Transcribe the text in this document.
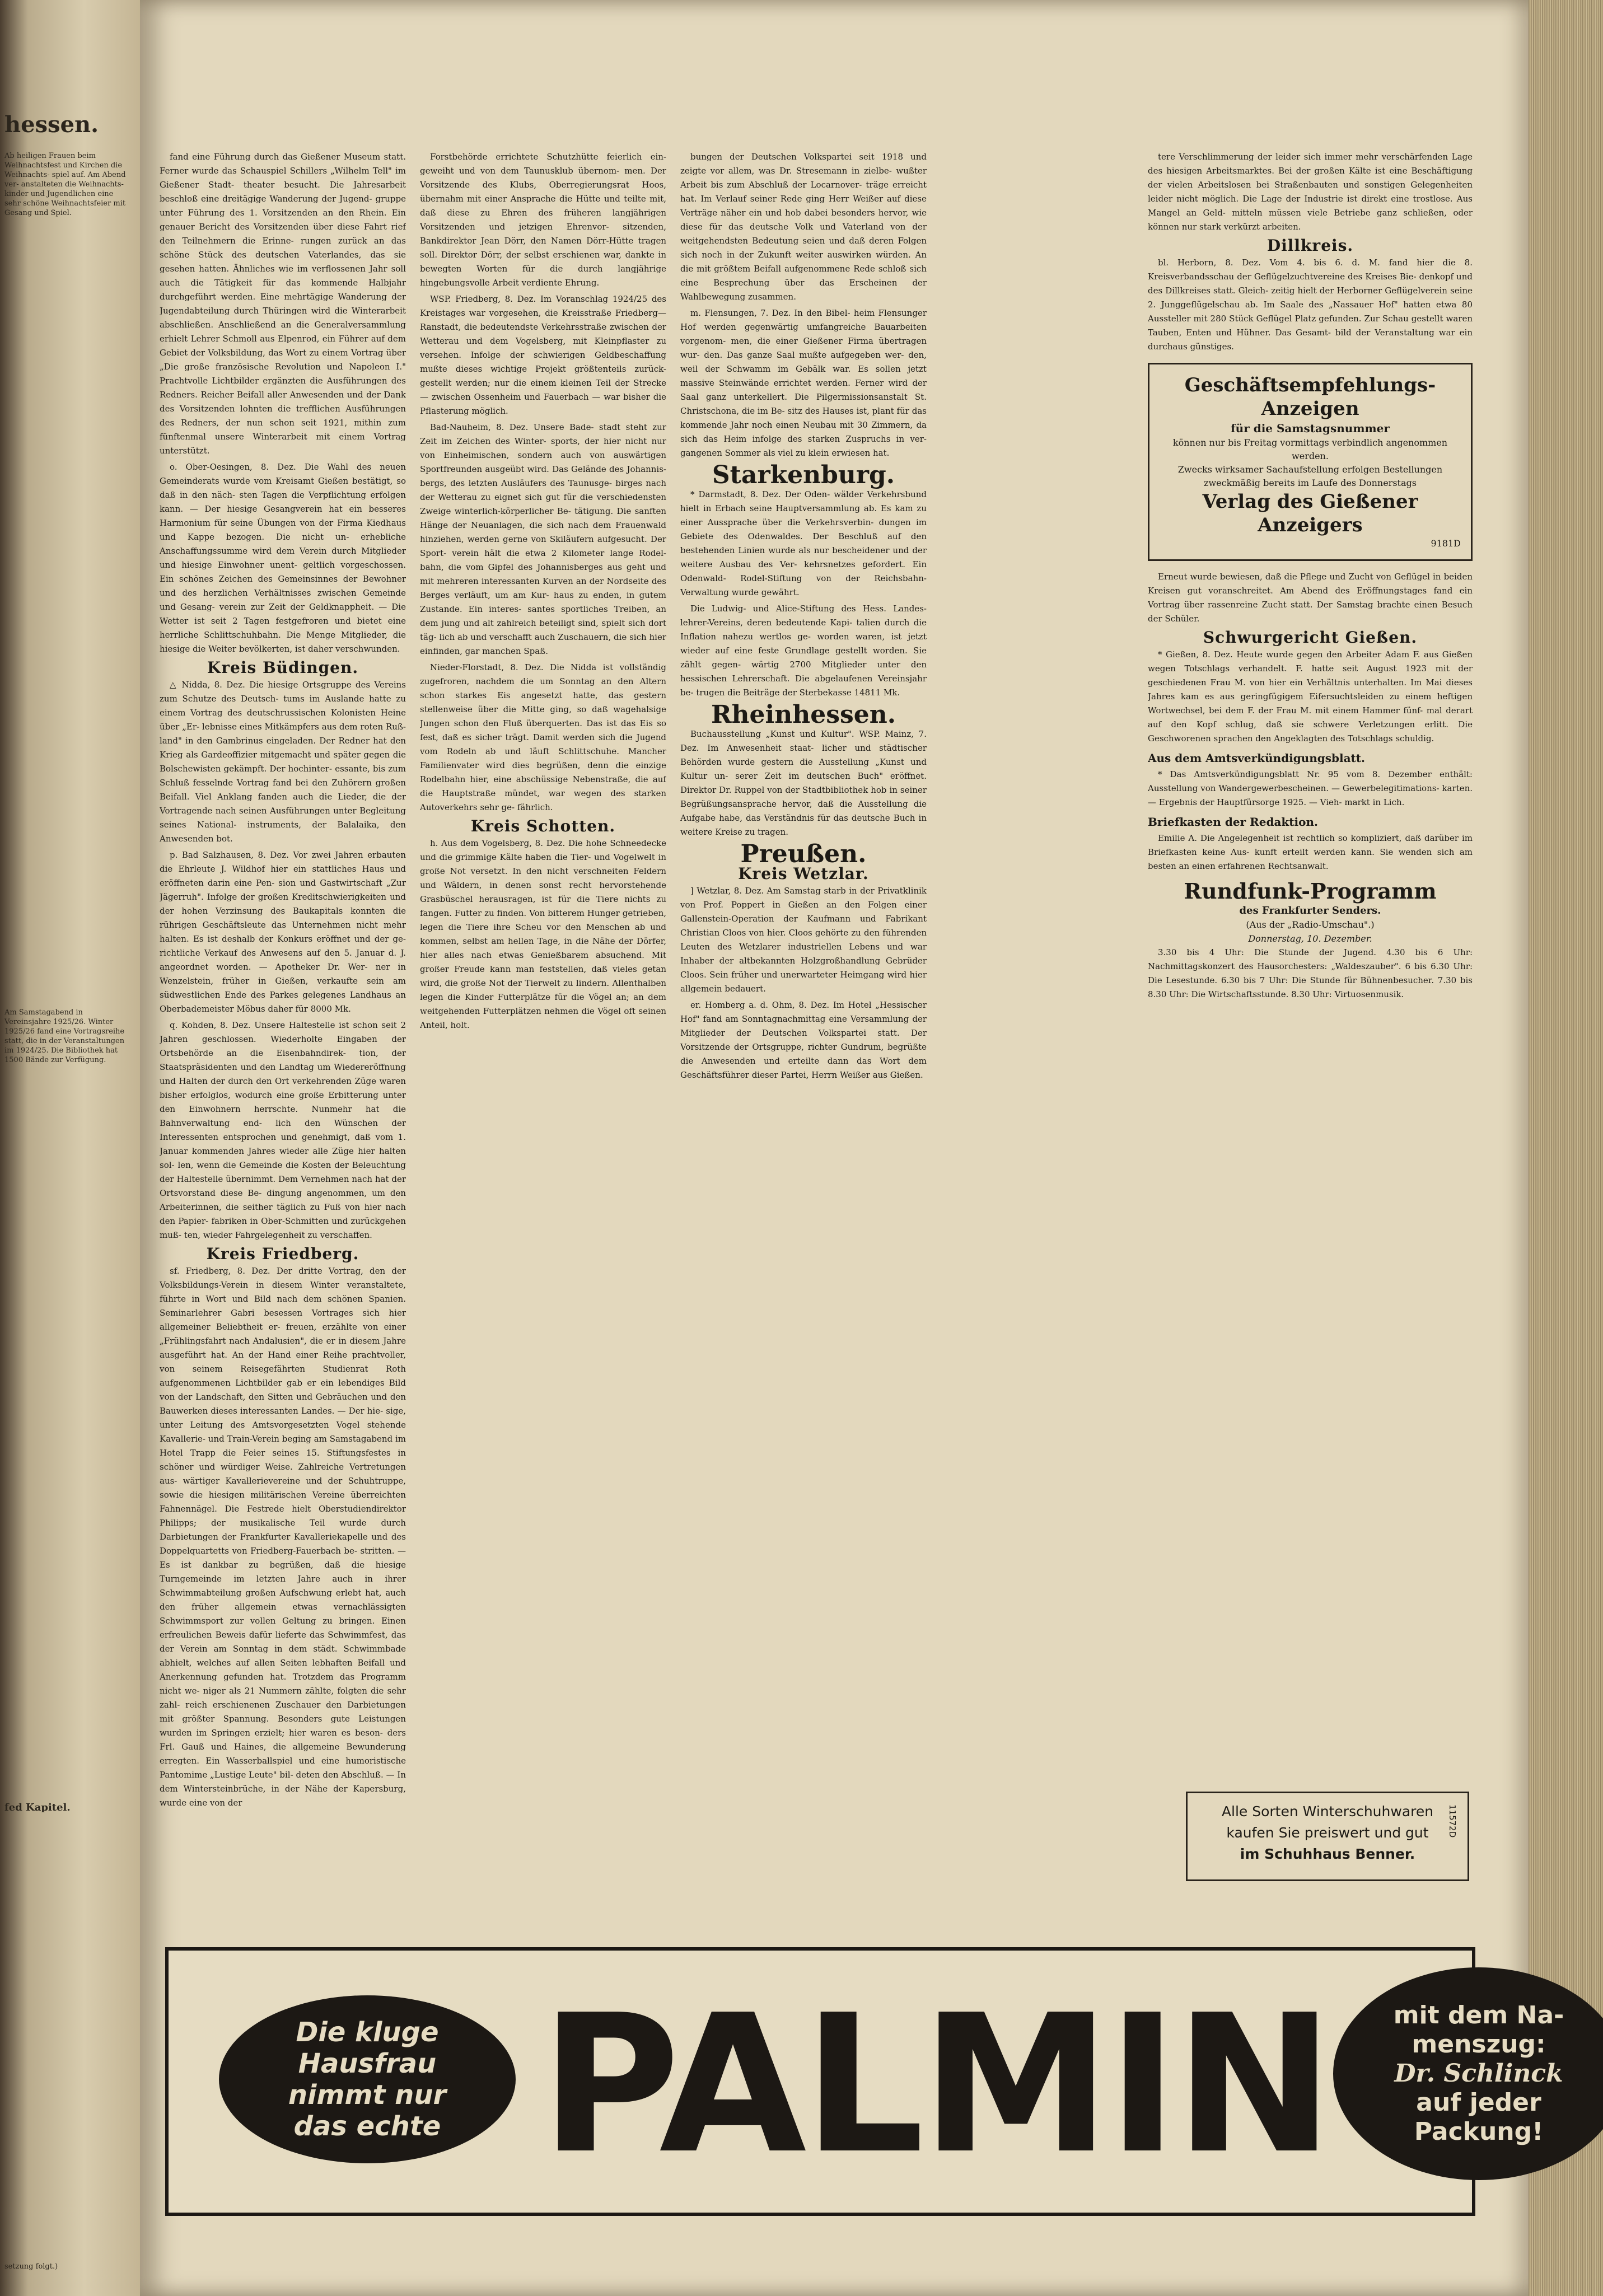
hessen.
Ab heiligen Frauen beim Weihnachtsfest und Kirchen die Weihnachts- spiel auf. Am Abend ver- anstalteten die Weihnachts- kinder und Jugendlichen eine sehr schöne Weihnachtsfeier mit Gesang und Spiel.
Am Samstagabend in Vereinsjahre 1925/26. Winter 1925/26 fand eine Vortragsreihe statt, die in der Veranstaltungen im 1924/25. Die Bibliothek hat 1500 Bände zur Verfügung.
fed Kapitel.
setzung folgt.)

fand eine Führung durch das Gießener Museum statt. Ferner wurde das Schauspiel Schillers „Wilhelm Tell" im Gießener Stadt- theater besucht. Die Jahresarbeit beschloß eine dreitägige Wanderung der Jugend- gruppe unter Führung des 1. Vorsitzenden an den Rhein. Ein genauer Bericht des Vorsitzenden über diese Fahrt rief den Teilnehmern die Erinne- rungen zurück an das schöne Stück des deutschen Vaterlandes, das sie gesehen hatten. Ähnliches wie im verflossenen Jahr soll auch die Tätigkeit für das kommende Halbjahr durchgeführt werden. Eine mehrtägige Wanderung der Jugendabteilung durch Thüringen wird die Winterarbeit abschließen. Anschließend an die Generalversammlung erhielt Lehrer Schmoll aus Elpenrod, ein Führer auf dem Gebiet der Volksbildung, das Wort zu einem Vortrag über „Die große französische Revolution und Napoleon I." Prachtvolle Lichtbilder ergänzten die Ausführungen des Redners. Reicher Beifall aller Anwesenden und der Dank des Vorsitzenden lohnten die trefflichen Ausführungen des Redners, der nun schon seit 1921, mithin zum fünftenmal unsere Winterarbeit mit einem Vortrag unterstützt.

o. Ober-Oesingen, 8. Dez. Die Wahl des neuen Gemeinderats wurde vom Kreisamt Gießen bestätigt, so daß in den näch- sten Tagen die Verpflichtung erfolgen kann. — Der hiesige Gesangverein hat ein besseres Harmonium für seine Übungen von der Firma Kiedhaus und Kappe bezogen. Die nicht un- erhebliche Anschaffungssumme wird dem Verein durch Mitglieder und hiesige Einwohner unent- geltlich vorgeschossen. Ein schönes Zeichen des Gemeinsinnes der Bewohner und des herzlichen Verhältnisses zwischen Gemeinde und Gesang- verein zur Zeit der Geldknappheit. — Die Wetter ist seit 2 Tagen festgefroren und bietet eine herrliche Schlittschuhbahn. Die Menge Mitglieder, die hiesige die Weiter bevölkerten, ist daher verschwunden.

Kreis Büdingen.

△ Nidda, 8. Dez. Die hiesige Ortsgruppe des Vereins zum Schutze des Deutsch- tums im Auslande hatte zu einem Vortrag des deutschrussischen Kolonisten Heine über „Er- lebnisse eines Mitkämpfers aus dem roten Ruß- land" in den Gambrinus eingeladen. Der Redner hat den Krieg als Gardeoffizier mitgemacht und später gegen die Bolschewisten gekämpft. Der hochinter- essante, bis zum Schluß fesselnde Vortrag fand bei den Zuhörern großen Beifall. Viel Anklang fanden auch die Lieder, die der Vortragende nach seinen Ausführungen unter Begleitung seines National- instruments, der Balalaika, den Anwesenden bot.

p. Bad Salzhausen, 8. Dez. Vor zwei Jahren erbauten die Ehrleute J. Wildhof hier ein stattliches Haus und eröffneten darin eine Pen- sion und Gastwirtschaft „Zur Jägerruh". Infolge der großen Kreditschwierigkeiten und der hohen Verzinsung des Baukapitals konnten die rührigen Geschäftsleute das Unternehmen nicht mehr halten. Es ist deshalb der Konkurs eröffnet und der ge- richtliche Verkauf des Anwesens auf den 5. Januar d. J. angeordnet worden. — Apotheker Dr. Wer- ner in Wenzelstein, früher in Gießen, verkaufte sein am südwestlichen Ende des Parkes gelegenes Landhaus an Oberbademeister Möbus daher für 8000 Mk.

q. Kohden, 8. Dez. Unsere Haltestelle ist schon seit 2 Jahren geschlossen. Wiederholte Eingaben der Ortsbehörde an die Eisenbahndirek- tion, der Staatspräsidenten und den Landtag um Wiedereröffnung und Halten der durch den Ort verkehrenden Züge waren bisher erfolglos, wodurch eine große Erbitterung unter den Einwohnern herrschte. Nunmehr hat die Bahnverwaltung end- lich den Wünschen der Interessenten entsprochen und genehmigt, daß vom 1. Januar kommenden Jahres wieder alle Züge hier halten sol- len, wenn die Gemeinde die Kosten der Beleuchtung der Haltestelle übernimmt. Dem Vernehmen nach hat der Ortsvorstand diese Be- dingung angenommen, um den Arbeiterinnen, die seither täglich zu Fuß von hier nach den Papier- fabriken in Ober-Schmitten und zurückgehen muß- ten, wieder Fahrgelegenheit zu verschaffen.

Kreis Friedberg.

sf. Friedberg, 8. Dez. Der dritte Vortrag, den der Volksbildungs-Verein in diesem Winter veranstaltete, führte in Wort und Bild nach dem schönen Spanien. Seminarlehrer Gabri besessen Vortrages sich hier allgemeiner Beliebtheit er- freuen, erzählte von einer „Frühlingsfahrt nach Andalusien", die er in diesem Jahre ausgeführt hat. An der Hand einer Reihe prachtvoller, von seinem Reisegefährten Studienrat Roth aufgenommenen Lichtbilder gab er ein lebendiges Bild von der Landschaft, den Sitten und Gebräuchen und den Bauwerken dieses interessanten Landes. — Der hie- sige, unter Leitung des Amtsvorgesetzten Vogel stehende Kavallerie- und Train-Verein beging am Samstagabend im Hotel Trapp die Feier seines 15. Stiftungsfestes in schöner und würdiger Weise. Zahlreiche Vertretungen aus- wärtiger Kavallerievereine und der Schuhtruppe, sowie die hiesigen militärischen Vereine überreichten Fahnennägel. Die Festrede hielt Oberstudiendirektor Philipps; der musikalische Teil wurde durch Darbietungen der Frankfurter Kavalleriekapelle und des Doppelquartetts von Friedberg-Fauerbach be- stritten. — Es ist dankbar zu begrüßen, daß die hiesige Turngemeinde im letzten Jahre auch in ihrer Schwimmabteilung großen Aufschwung erlebt hat, auch den früher allgemein etwas vernachlässigten Schwimmsport zur vollen Geltung zu bringen. Einen erfreulichen Beweis dafür lieferte das Schwimmfest, das der Verein am Sonntag in dem städt. Schwimmbade abhielt, welches auf allen Seiten lebhaften Beifall und Anerkennung gefunden hat. Trotzdem das Programm nicht we- niger als 21 Nummern zählte, folgten die sehr zahl- reich erschienenen Zuschauer den Darbietungen mit größter Spannung. Besonders gute Leistungen wurden im Springen erzielt; hier waren es beson- ders Frl. Gauß und Haines, die allgemeine Bewunderung erregten. Ein Wasserballspiel und eine humoristische Pantomime „Lustige Leute" bil- deten den Abschluß. — In dem Wintersteinbrüche, in der Nähe der Kapersburg, wurde eine von der

Forstbehörde errichtete Schutzhütte feierlich ein- geweiht und von dem Taunusklub übernom- men. Der Vorsitzende des Klubs, Oberregierungsrat Hoos, übernahm mit einer Ansprache die Hütte und teilte mit, daß diese zu Ehren des früheren langjährigen Vorsitzenden und jetzigen Ehrenvor- sitzenden, Bankdirektor Jean Dörr, den Namen Dörr-Hütte tragen soll. Direktor Dörr, der selbst erschienen war, dankte in bewegten Worten für die durch langjährige hingebungsvolle Arbeit verdiente Ehrung.

WSP. Friedberg, 8. Dez. Im Voranschlag 1924/25 des Kreistages war vorgesehen, die Kreisstraße Friedberg—Ranstadt, die bedeutendste Verkehrsstraße zwischen der Wetterau und dem Vogelsberg, mit Kleinpflaster zu versehen. Infolge der schwierigen Geldbeschaffung mußte dieses wichtige Projekt größtenteils zurück- gestellt werden; nur die einem kleinen Teil der Strecke — zwischen Ossenheim und Fauerbach — war bisher die Pflasterung möglich.

Bad-Nauheim, 8. Dez. Unsere Bade- stadt steht zur Zeit im Zeichen des Winter- sports, der hier nicht nur von Einheimischen, sondern auch von auswärtigen Sportfreunden ausgeübt wird. Das Gelände des Johannis- bergs, des letzten Ausläufers des Taunusge- birges nach der Wetterau zu eignet sich gut für die verschiedensten Zweige winterlich-körperlicher Be- tätigung. Die sanften Hänge der Neuanlagen, die sich nach dem Frauenwald hinziehen, werden gerne von Skiläufern aufgesucht. Der Sport- verein hält die etwa 2 Kilometer lange Rodel- bahn, die vom Gipfel des Johannisberges aus geht und mit mehreren interessanten Kurven an der Nordseite des Berges verläuft, um am Kur- haus zu enden, in gutem Zustande. Ein interes- santes sportliches Treiben, an dem jung und alt zahlreich beteiligt sind, spielt sich dort täg- lich ab und verschafft auch Zuschauern, die sich hier einfinden, gar manchen Spaß.

Nieder-Florstadt, 8. Dez. Die Nidda ist vollständig zugefroren, nachdem die um Sonntag an den Altern schon starkes Eis angesetzt hatte, das gestern stellenweise über die Mitte ging, so daß wagehalsige Jungen schon den Fluß überquerten. Das ist das Eis so fest, daß es sicher trägt. Damit werden sich die Jugend vom Rodeln ab und läuft Schlittschuhe. Mancher Familienvater wird dies begrüßen, denn die einzige Rodelbahn hier, eine abschüssige Nebenstraße, die auf die Hauptstraße mündet, war wegen des starken Autoverkehrs sehr ge- fährlich.

Kreis Schotten.

h. Aus dem Vogelsberg, 8. Dez. Die hohe Schneedecke und die grimmige Kälte haben die Tier- und Vogelwelt in große Not versetzt. In den nicht verschneiten Feldern und Wäldern, in denen sonst recht hervorstehende Grasbüschel herausragen, ist für die Tiere nichts zu fangen. Futter zu finden. Von bitterem Hunger getrieben, legen die Tiere ihre Scheu vor den Menschen ab und kommen, selbst am hellen Tage, in die Nähe der Dörfer, hier alles nach etwas Genießbarem absuchend. Mit großer Freude kann man feststellen, daß vieles getan wird, die große Not der Tierwelt zu lindern. Allenthalben legen die Kinder Futterplätze für die Vögel an; an dem weitgehenden Futterplätzen nehmen die Vögel oft seinen Anteil, holt.

bungen der Deutschen Volkspartei seit 1918 und zeigte vor allem, was Dr. Stresemann in zielbe- wußter Arbeit bis zum Abschluß der Locarnover- träge erreicht hat. Im Verlauf seiner Rede ging Herr Weißer auf diese Verträge näher ein und hob dabei besonders hervor, wie diese für das deutsche Volk und Vaterland von der weitgehendsten Bedeutung seien und daß deren Folgen sich noch in der Zukunft weiter auswirken würden. An die mit größtem Beifall aufgenommene Rede schloß sich eine Besprechung über das Erscheinen der Wahlbewegung zusammen.

m. Flensungen, 7. Dez. In den Bibel- heim Flensunger Hof werden gegenwärtig umfangreiche Bauarbeiten vorgenom- men, die einer Gießener Firma übertragen wur- den. Das ganze Saal mußte aufgegeben wer- den, weil der Schwamm im Gebälk war. Es sollen jetzt massive Steinwände errichtet werden. Ferner wird der Saal ganz unterkellert. Die Pilgermissionsanstalt St. Christschona, die im Be- sitz des Hauses ist, plant für das kommende Jahr noch einen Neubau mit 30 Zimmern, da sich das Heim infolge des starken Zuspruchs in ver- gangenen Sommer als viel zu klein erwiesen hat.

Starkenburg.

* Darmstadt, 8. Dez. Der Oden- wälder Verkehrsbund hielt in Erbach seine Hauptversammlung ab. Es kam zu einer Aussprache über die Verkehrsverbin- dungen im Gebiete des Odenwaldes. Der Beschluß auf den bestehenden Linien wurde als nur bescheidener und der weitere Ausbau des Ver- kehrsnetzes gefordert. Ein Odenwald- Rodel-Stiftung von der Reichsbahn- Verwaltung wurde gewährt.

Die Ludwig- und Alice-Stiftung des Hess. Landes- lehrer-Vereins, deren bedeutende Kapi- talien durch die Inflation nahezu wertlos ge- worden waren, ist jetzt wieder auf eine feste Grundlage gestellt worden. Sie zählt gegen- wärtig 2700 Mitglieder unter den hessischen Lehrerschaft. Die abgelaufenen Vereinsjahr be- trugen die Beiträge der Sterbekasse 14811 Mk.

Rheinhessen.

Buchausstellung „Kunst und Kultur". WSP. Mainz, 7. Dez. Im Anwesenheit staat- licher und städtischer Behörden wurde gestern die Ausstellung „Kunst und Kultur un- serer Zeit im deutschen Buch" eröffnet. Direktor Dr. Ruppel von der Stadtbibliothek hob in seiner Begrüßungsansprache hervor, daß die Ausstellung die Aufgabe habe, das Verständnis für das deutsche Buch in weitere Kreise zu tragen.

Preußen.
Kreis Wetzlar.

] Wetzlar, 8. Dez. Am Samstag starb in der Privatklinik von Prof. Poppert in Gießen an den Folgen einer Gallenstein-Operation der Kaufmann und Fabrikant Christian Cloos von hier. Cloos gehörte zu den führenden Leuten des Wetzlarer industriellen Lebens und war Inhaber der altbekannten Holzgroßhandlung Gebrüder Cloos. Sein früher und unerwarteter Heimgang wird hier allgemein bedauert.

er. Homberg a. d. Ohm, 8. Dez. Im Hotel „Hessischer Hof" fand am Sonntagnachmittag eine Versammlung der Mitglieder der Deutschen Volkspartei statt. Der Vorsitzende der Ortsgruppe, richter Gundrum, begrüßte die Anwesenden und erteilte dann das Wort dem Geschäftsführer dieser Partei, Herrn Weißer aus Gießen.

tere Verschlimmerung der leider sich immer mehr verschärfenden Lage des hiesigen Arbeitsmarktes. Bei der großen Kälte ist eine Beschäftigung der vielen Arbeitslosen bei Straßenbauten und sonstigen Gelegenheiten leider nicht möglich. Die Lage der Industrie ist direkt eine trostlose. Aus Mangel an Geld- mitteln müssen viele Betriebe ganz schließen, oder können nur stark verkürzt arbeiten.

Dillkreis.

bl. Herborn, 8. Dez. Vom 4. bis 6. d. M. fand hier die 8. Kreisverbandsschau der Geflügelzuchtvereine des Kreises Bie- denkopf und des Dillkreises statt. Gleich- zeitig hielt der Herborner Geflügelverein seine 2. Junggeflügelschau ab. Im Saale des „Nassauer Hof" hatten etwa 80 Aussteller mit 280 Stück Geflügel Platz gefunden. Zur Schau gestellt waren Tauben, Enten und Hühner. Das Gesamt- bild der Veranstaltung war ein durchaus günstiges.

Geschäftsempfehlungs-Anzeigen
für die Samstagsnummer
können nur bis Freitag vormittags verbindlich angenommen werden.
Zwecks wirksamer Sachaufstellung erfolgen Bestellungen zweckmäßig bereits im Laufe des Donnerstags
Verlag des Gießener Anzeigers
9181D

Erneut wurde bewiesen, daß die Pflege und Zucht von Geflügel in beiden Kreisen gut voranschreitet. Am Abend des Eröffnungstages fand ein Vortrag über rassenreine Zucht statt. Der Samstag brachte einen Besuch der Schüler.

Schwurgericht Gießen.

* Gießen, 8. Dez. Heute wurde gegen den Arbeiter Adam F. aus Gießen wegen Totschlags verhandelt. F. hatte seit August 1923 mit der geschiedenen Frau M. von hier ein Verhältnis unterhalten. Im Mai dieses Jahres kam es aus geringfügigem Eifersuchtsleiden zu einem heftigen Wortwechsel, bei dem F. der Frau M. mit einem Hammer fünf- mal derart auf den Kopf schlug, daß sie schwere Verletzungen erlitt. Die Geschworenen sprachen den Angeklagten des Totschlags schuldig.

Aus dem Amtsverkündigungsblatt.

* Das Amtsverkündigungsblatt Nr. 95 vom 8. Dezember enthält: Ausstellung von Wandergewerbescheinen. — Gewerbelegitimations- karten. — Ergebnis der Hauptfürsorge 1925. — Vieh- markt in Lich.

Briefkasten der Redaktion.

Emilie A. Die Angelegenheit ist rechtlich so kompliziert, daß darüber im Briefkasten keine Aus- kunft erteilt werden kann. Sie wenden sich am besten an einen erfahrenen Rechtsanwalt.

Rundfunk-Programm
des Frankfurter Senders.
(Aus der „Radio-Umschau".)
Donnerstag, 10. Dezember.

3.30 bis 4 Uhr: Die Stunde der Jugend. 4.30 bis 6 Uhr: Nachmittagskonzert des Hausorchesters: „Waldeszauber". 6 bis 6.30 Uhr: Die Lesestunde. 6.30 bis 7 Uhr: Die Stunde für Bühnenbesucher. 7.30 bis 8.30 Uhr: Die Wirtschaftsstunde. 8.30 Uhr: Virtuosenmusik.

Alle Sorten Winterschuhwaren
kaufen Sie preiswert und gut
im Schuhhaus Benner.
11572D
Die kluge
Hausfrau
nimmt nur
das echte PALMIN	mit dem Na-
menszug:
Dr. Schlinck
auf jeder
Packung!
